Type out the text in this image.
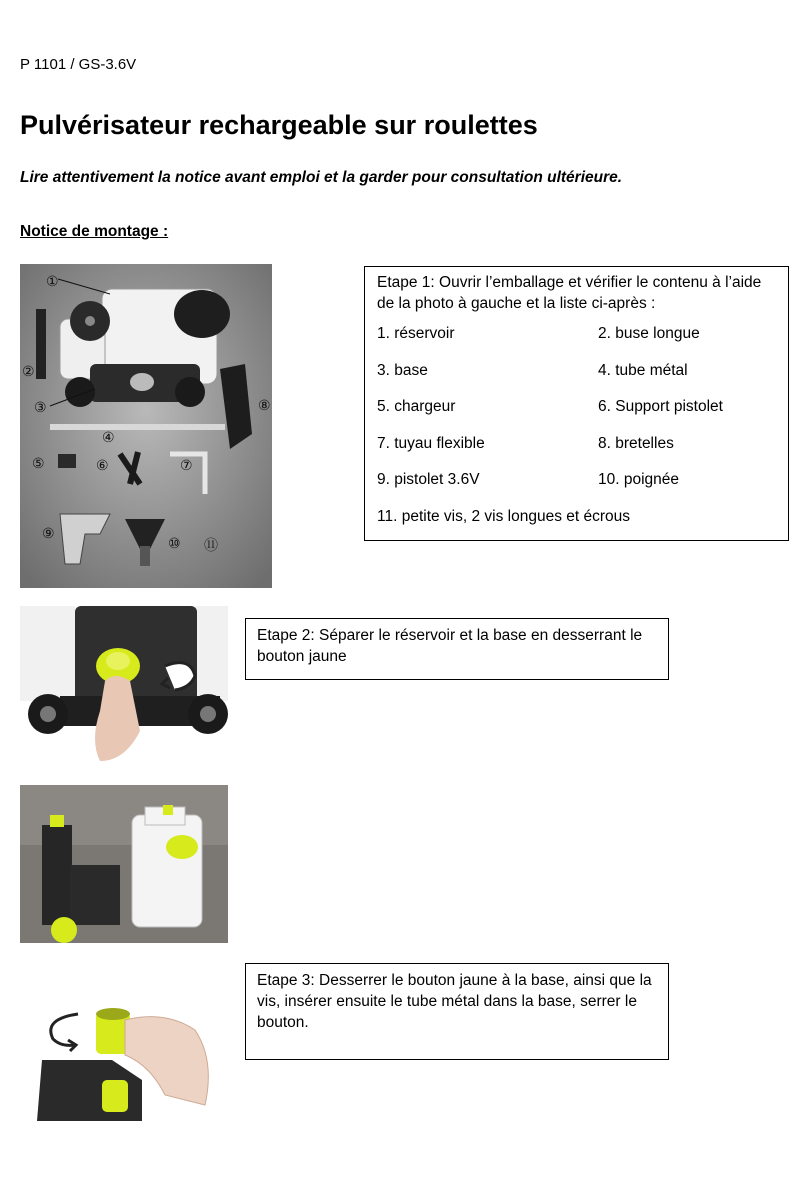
P 1101 / GS-3.6V
Pulvérisateur rechargeable sur roulettes
Lire attentivement la notice avant emploi et la garder pour consultation ultérieure.
Notice de montage :
①
②
③
④
⑤	⑥	⑦
⑧
⑨
⑩ ⑪

Etape 1: Ouvrir l’emballage et vérifier le contenu à l’aide de la photo à gauche et la liste ci-après :

1. réservoir	2. buse longue
3. base	4. tube métal
5. chargeur	6. Support pistolet
7. tuyau flexible	8. bretelles
9. pistolet 3.6V	10. poignée
11. petite vis, 2 vis longues et écrous
Etape 2: Séparer le réservoir et la base en desserrant le bouton jaune
Etape 3: Desserrer le bouton jaune à la base, ainsi que la vis, insérer ensuite le tube métal dans la base, serrer le bouton.
